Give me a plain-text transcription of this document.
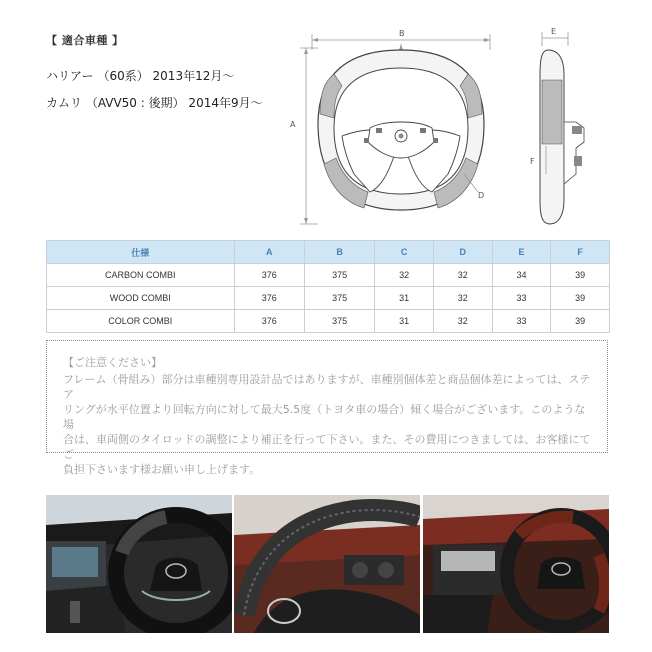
【 適合車種 】
ハリアー （60系） 2013年12月～
カムリ （AVV50 : 後期） 2014年9月～
B
A
D
E
F
仕様	A	B	C	D	E	F
CARBON COMBI	376	375	32	32	34	39
WOOD COMBI	376	375	31	32	33	39
COLOR COMBI	376	375	31	32	33	39
【ご注意ください】
フレーム（骨組み）部分は車種別専用設計品ではありますが、車種別個体差と商品個体差によっては、ステア
リングが水平位置より回転方向に対して最大5.5度（トヨタ車の場合）傾く場合がございます。このような場
合は、車両側のタイロッドの調整により補正を行って下さい。また、その費用につきましては、お客様にてご
負担下さいます様お願い申し上げます。
